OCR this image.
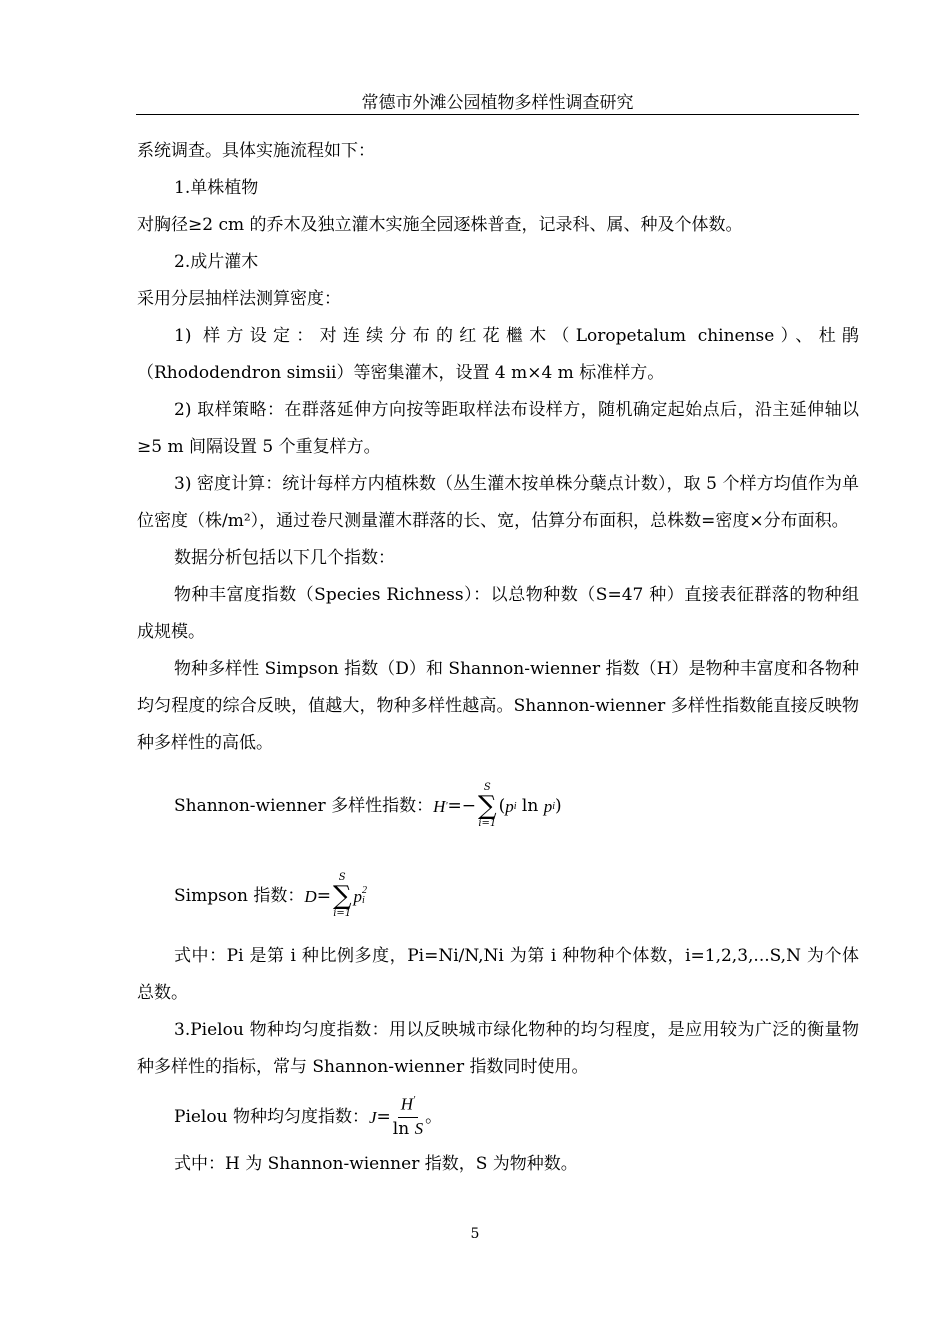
常德市外滩公园植物多样性调查研究

系统调查。具体实施流程如下：

1.单株植物

对胸径≥2 cm 的乔木及独立灌木实施全园逐株普查，记录科、属、种及个体数。

2.成片灌木

采用分层抽样法测算密度：

1) 样方设定：对连续分布的红花檵木（Loropetalum chinense）、杜鹃（Rhododendron simsii）等密集灌木，设置 4 m×4 m 标准样方。

2) 取样策略：在群落延伸方向按等距取样法布设样方，随机确定起始点后，沿主延伸轴以≥5 m 间隔设置 5 个重复样方。

3) 密度计算：统计每样方内植株数（丛生灌木按单株分蘖点计数），取 5 个样方均值作为单位密度（株/m²），通过卷尺测量灌木群落的长、宽，估算分布面积，总株数=密度×分布面积。

数据分析包括以下几个指数：

物种丰富度指数（Species Richness）：以总物种数（S=47 种）直接表征群落的物种组成规模。

物种多样性 Simpson 指数（D）和 Shannon-wienner 指数（H）是物种丰富度和各物种均匀程度的综合反映，值越大，物种多样性越高。Shannon-wienner 多样性指数能直接反映物种多样性的高低。

Shannon-wienner 多样性指数： H ' =−
S
∑
i=1
( p i
ln
p i )
Simpson 指数： D =
S
∑
i=1
p 2
i

式中：Pi 是第 i 种比例多度，Pi=Ni/N,Ni 为第 i 种物种个体数，i=1,2,3,...S,N 为个体总数。

3.Pielou 物种均匀度指数：用以反映城市绿化物种的均匀程度，是应用较为广泛的衡量物种多样性的指标，常与 Shannon-wienner 指数同时使用。

Pielou 物种均匀度指数： $J = \frac{H'}{\text{ln S}}$ 。

式中：H 为 Shannon-wienner 指数，S 为物种数。

5
